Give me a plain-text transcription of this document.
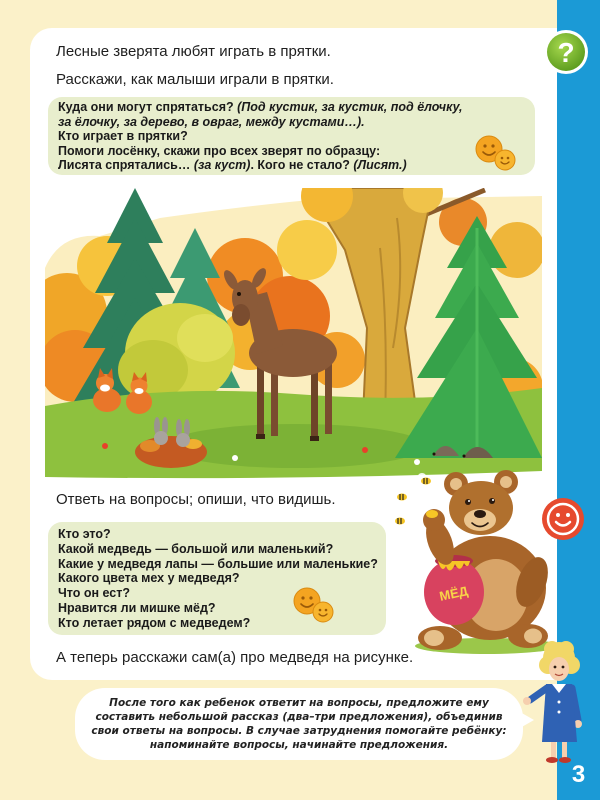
?
Лесные зверята любят играть в прятки.
Расскажи, как малыши играли в прятки.
Куда они могут спрятаться? (Под кустик, за кустик, под ёлочку,
за ёлочку, за дерево, в овраг, между кустами…).
Кто играет в прятки?
Помоги лосёнку, скажи про всех зверят по образцу:
Лисята спрятались… (за куст). Кого не стало? (Лисят.)
Ответь на вопросы; опиши, что видишь.
Кто это?
Какой медведь — большой или маленький?
Какие у медведя лапы — большие или маленькие?
Какого цвета мех у медведя?
Что он ест?
Нравится ли мишке мёд?
Кто летает рядом с медведем?
МЁД
А теперь расскажи сам(а) про медведя на рисунке.
После того как ребенок ответит на вопросы, предложите ему
составить небольшой рассказ (два–три предложения), объединив
свои ответы на вопросы. В случае затруднения помогайте ребёнку:
напоминайте вопросы, начинайте предложения.
3
